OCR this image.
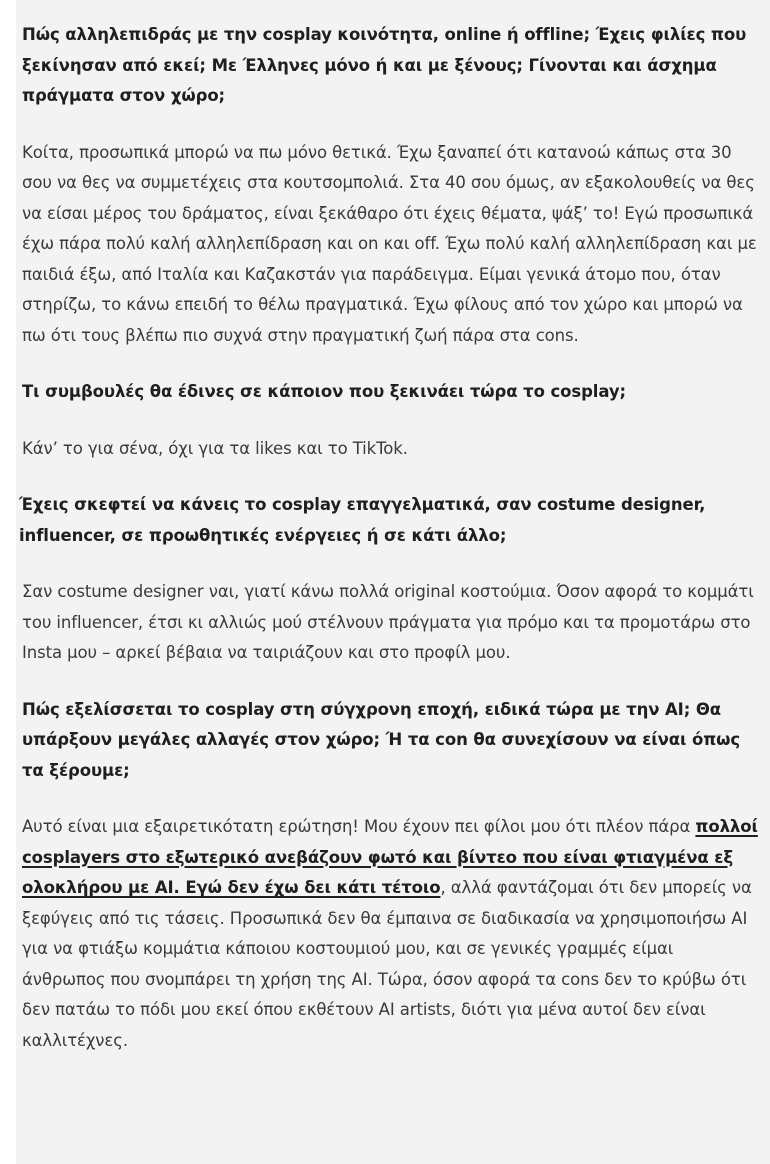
Πώς αλληλεπιδράς με την cosplay κοινότητα, online ή offline; Έχεις φιλίες που ξεκίνησαν από εκεί; Με Έλληνες μόνο ή και με ξένους; Γίνονται και άσχημα πράγματα στον χώρο;

Κοίτα, προσωπικά μπορώ να πω μόνο θετικά. Έχω ξαναπεί ότι κατανοώ κάπως στα 30 σου να θες να συμμετέχεις στα κουτσομπολιά. Στα 40 σου όμως, αν εξακολουθείς να θες να είσαι μέρος του δράματος, είναι ξεκάθαρο ότι έχεις θέματα, ψάξ’ το! Εγώ προσωπικά έχω πάρα πολύ καλή αλληλεπίδραση και on και off. Έχω πολύ καλή αλληλεπίδραση και με παιδιά έξω, από Ιταλία και Καζακστάν για παράδειγμα. Είμαι γενικά άτομο που, όταν στηρίζω, το κάνω επειδή το θέλω πραγματικά. Έχω φίλους από τον χώρο και μπορώ να πω ότι τους βλέπω πιο συχνά στην πραγματική ζωή πάρα στα cons.

Τι συμβουλές θα έδινες σε κάποιον που ξεκινάει τώρα το cosplay;

Κάν’ το για σένα, όχι για τα likes και το TikTok.

Έχεις σκεφτεί να κάνεις το cosplay επαγγελματικά, σαν costume designer, influencer, σε προωθητικές ενέργειες ή σε κάτι άλλο;

Σαν costume designer ναι, γιατί κάνω πολλά original κοστούμια. Όσον αφορά το κομμάτι του influencer, έτσι κι αλλιώς μού στέλνουν πράγματα για πρόμο και τα προμοτάρω στο Insta μου – αρκεί βέβαια να ταιριάζουν και στο προφίλ μου.

Πώς εξελίσσεται το cosplay στη σύγχρονη εποχή, ειδικά τώρα με την AI; Θα υπάρξουν μεγάλες αλλαγές στον χώρο; Ή τα con θα συνεχίσουν να είναι όπως τα ξέρουμε;

Αυτό είναι μια εξαιρετικότατη ερώτηση! Μου έχουν πει φίλοι μου ότι πλέον πάρα πολλοί cosplayers στο εξωτερικό ανεβάζουν φωτό και βίντεο που είναι φτιαγμένα εξ ολοκλήρου με AI. Εγώ δεν έχω δει κάτι τέτοιο, αλλά φαντάζομαι ότι δεν μπορείς να ξεφύγεις από τις τάσεις. Προσωπικά δεν θα έμπαινα σε διαδικασία να χρησιμοποιήσω AI για να φτιάξω κομμάτια κάποιου κοστουμιού μου, και σε γενικές γραμμές είμαι άνθρωπος που σνομπάρει τη χρήση της AI. Τώρα, όσον αφορά τα cons δεν το κρύβω ότι δεν πατάω το πόδι μου εκεί όπου εκθέτουν AI artists, διότι για μένα αυτοί δεν είναι καλλιτέχνες.
